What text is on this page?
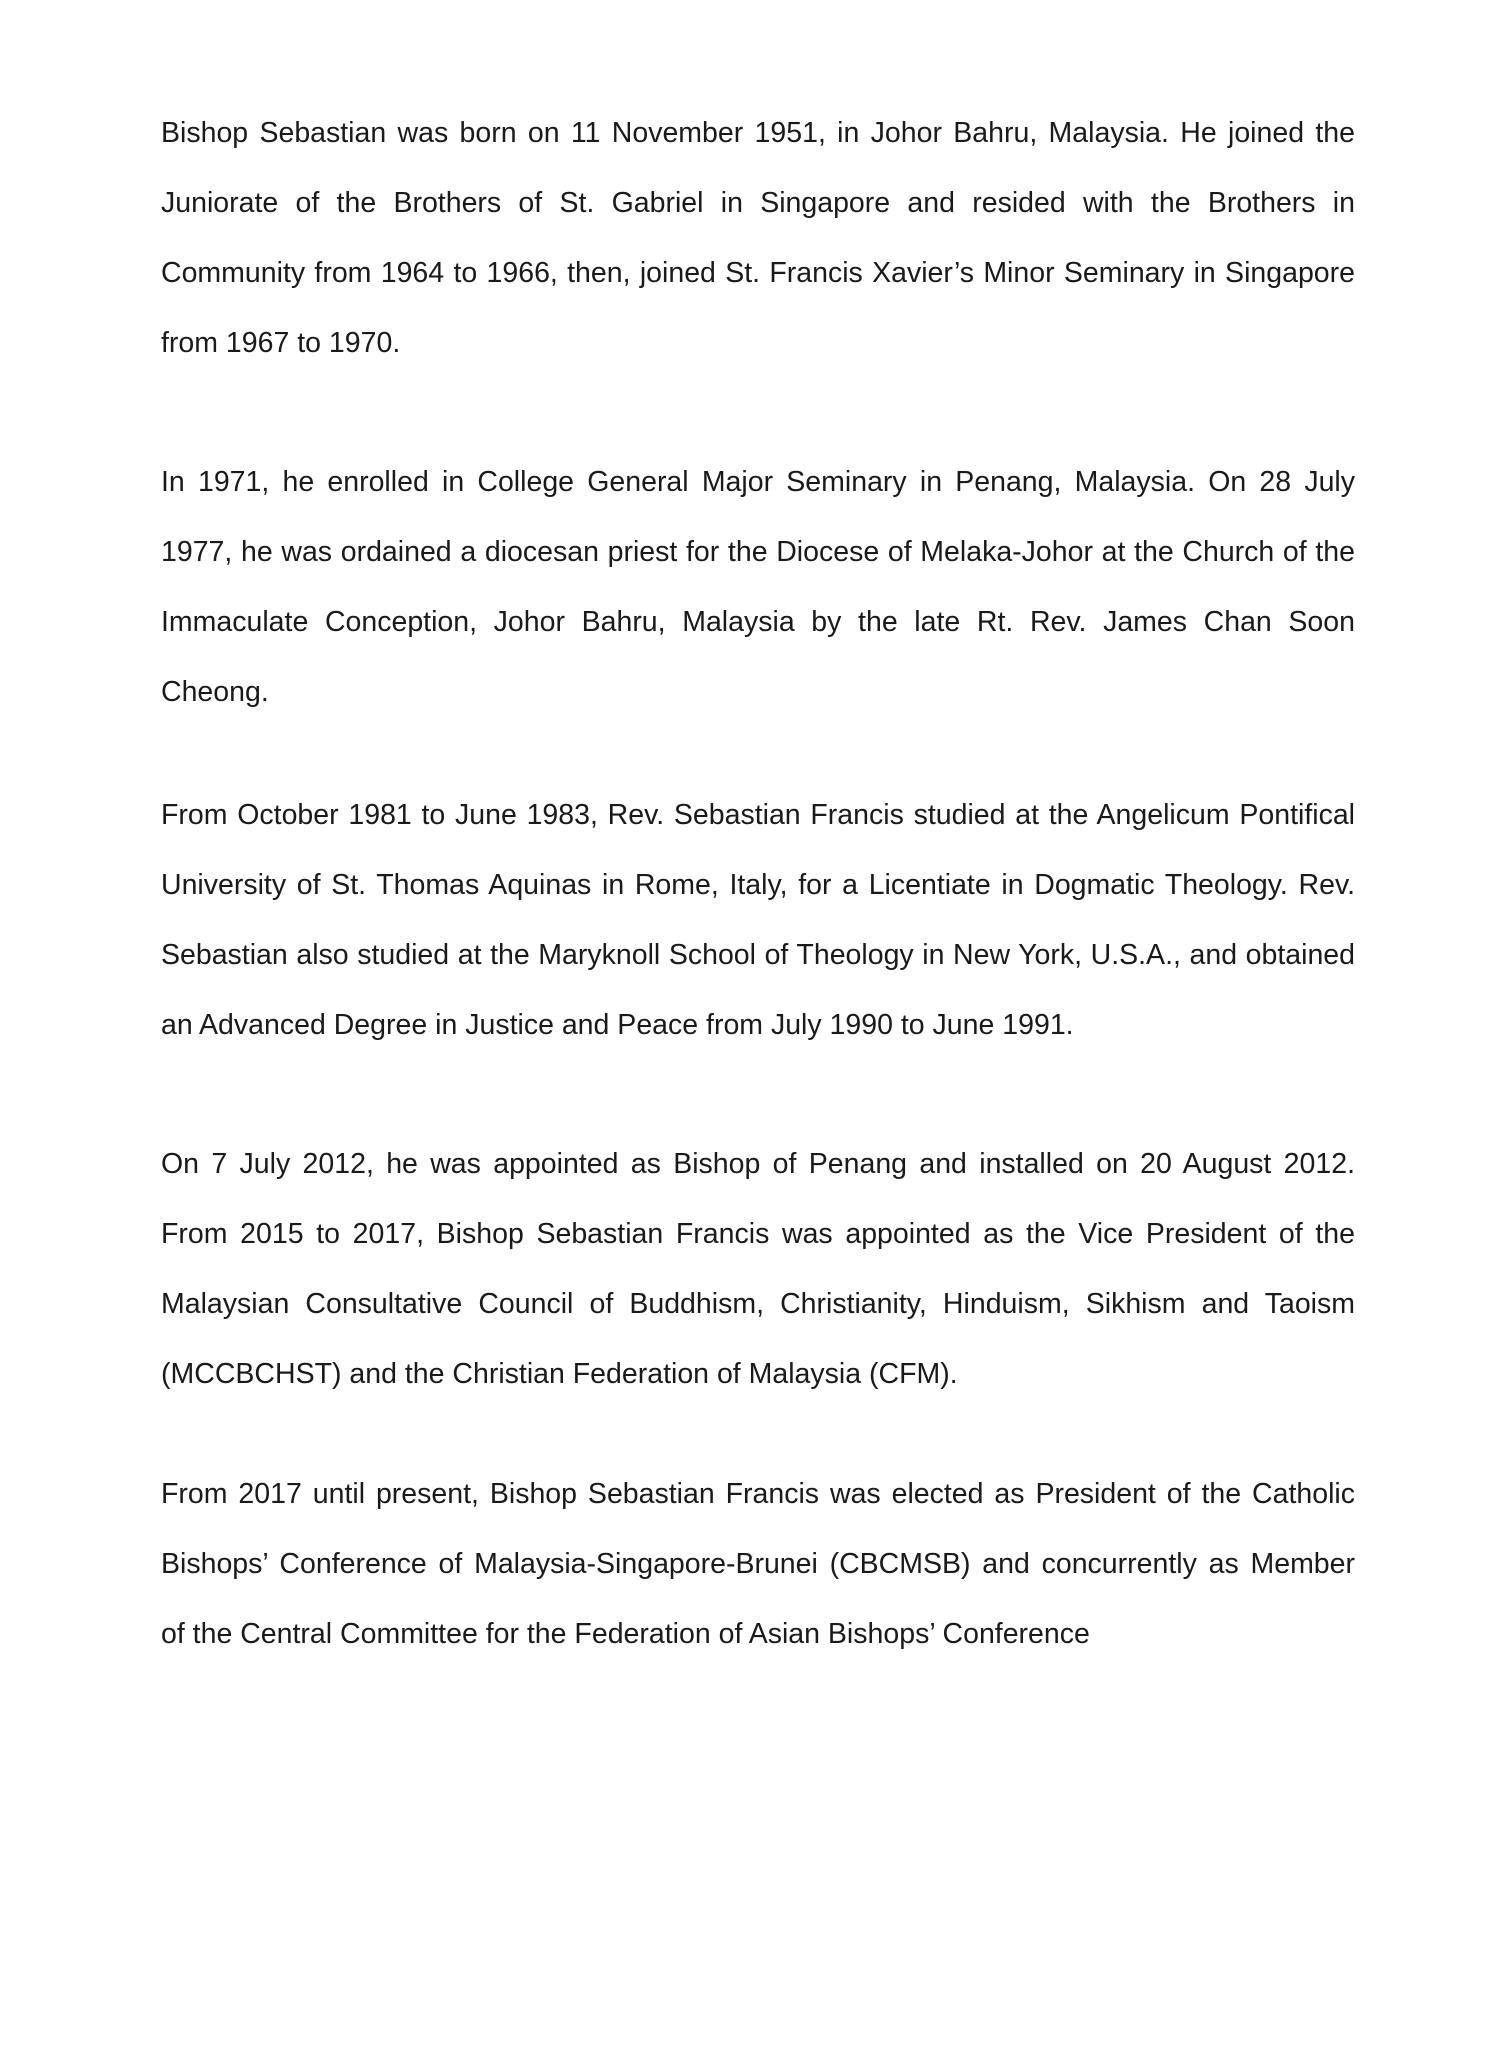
Bishop Sebastian was born on 11 November 1951, in Johor Bahru, Malaysia. He joined the Juniorate of the Brothers of St. Gabriel in Singapore and resided with the Brothers in Community from 1964 to 1966, then, joined St. Francis Xavier’s Minor Seminary in Singapore from 1967 to 1970.

In 1971, he enrolled in College General Major Seminary in Penang, Malaysia. On 28 July 1977, he was ordained a diocesan priest for the Diocese of Melaka-Johor at the Church of the Immaculate Conception, Johor Bahru, Malaysia by the late Rt. Rev. James Chan Soon Cheong.

From October 1981 to June 1983, Rev. Sebastian Francis studied at the Angelicum Pontifical University of St. Thomas Aquinas in Rome, Italy, for a Licentiate in Dogmatic Theology. Rev. Sebastian also studied at the Maryknoll School of Theology in New York, U.S.A., and obtained an Advanced Degree in Justice and Peace from July 1990 to June 1991.

On 7 July 2012, he was appointed as Bishop of Penang and installed on 20 August 2012. From 2015 to 2017, Bishop Sebastian Francis was appointed as the Vice President of the Malaysian Consultative Council of Buddhism, Christianity, Hinduism, Sikhism and Taoism (MCCBCHST) and the Christian Federation of Malaysia (CFM).

From 2017 until present, Bishop Sebastian Francis was elected as President of the Catholic Bishops’ Conference of Malaysia-Singapore-Brunei (CBCMSB) and concurrently as Member of the Central Committee for the Federation of Asian Bishops’ Conference
